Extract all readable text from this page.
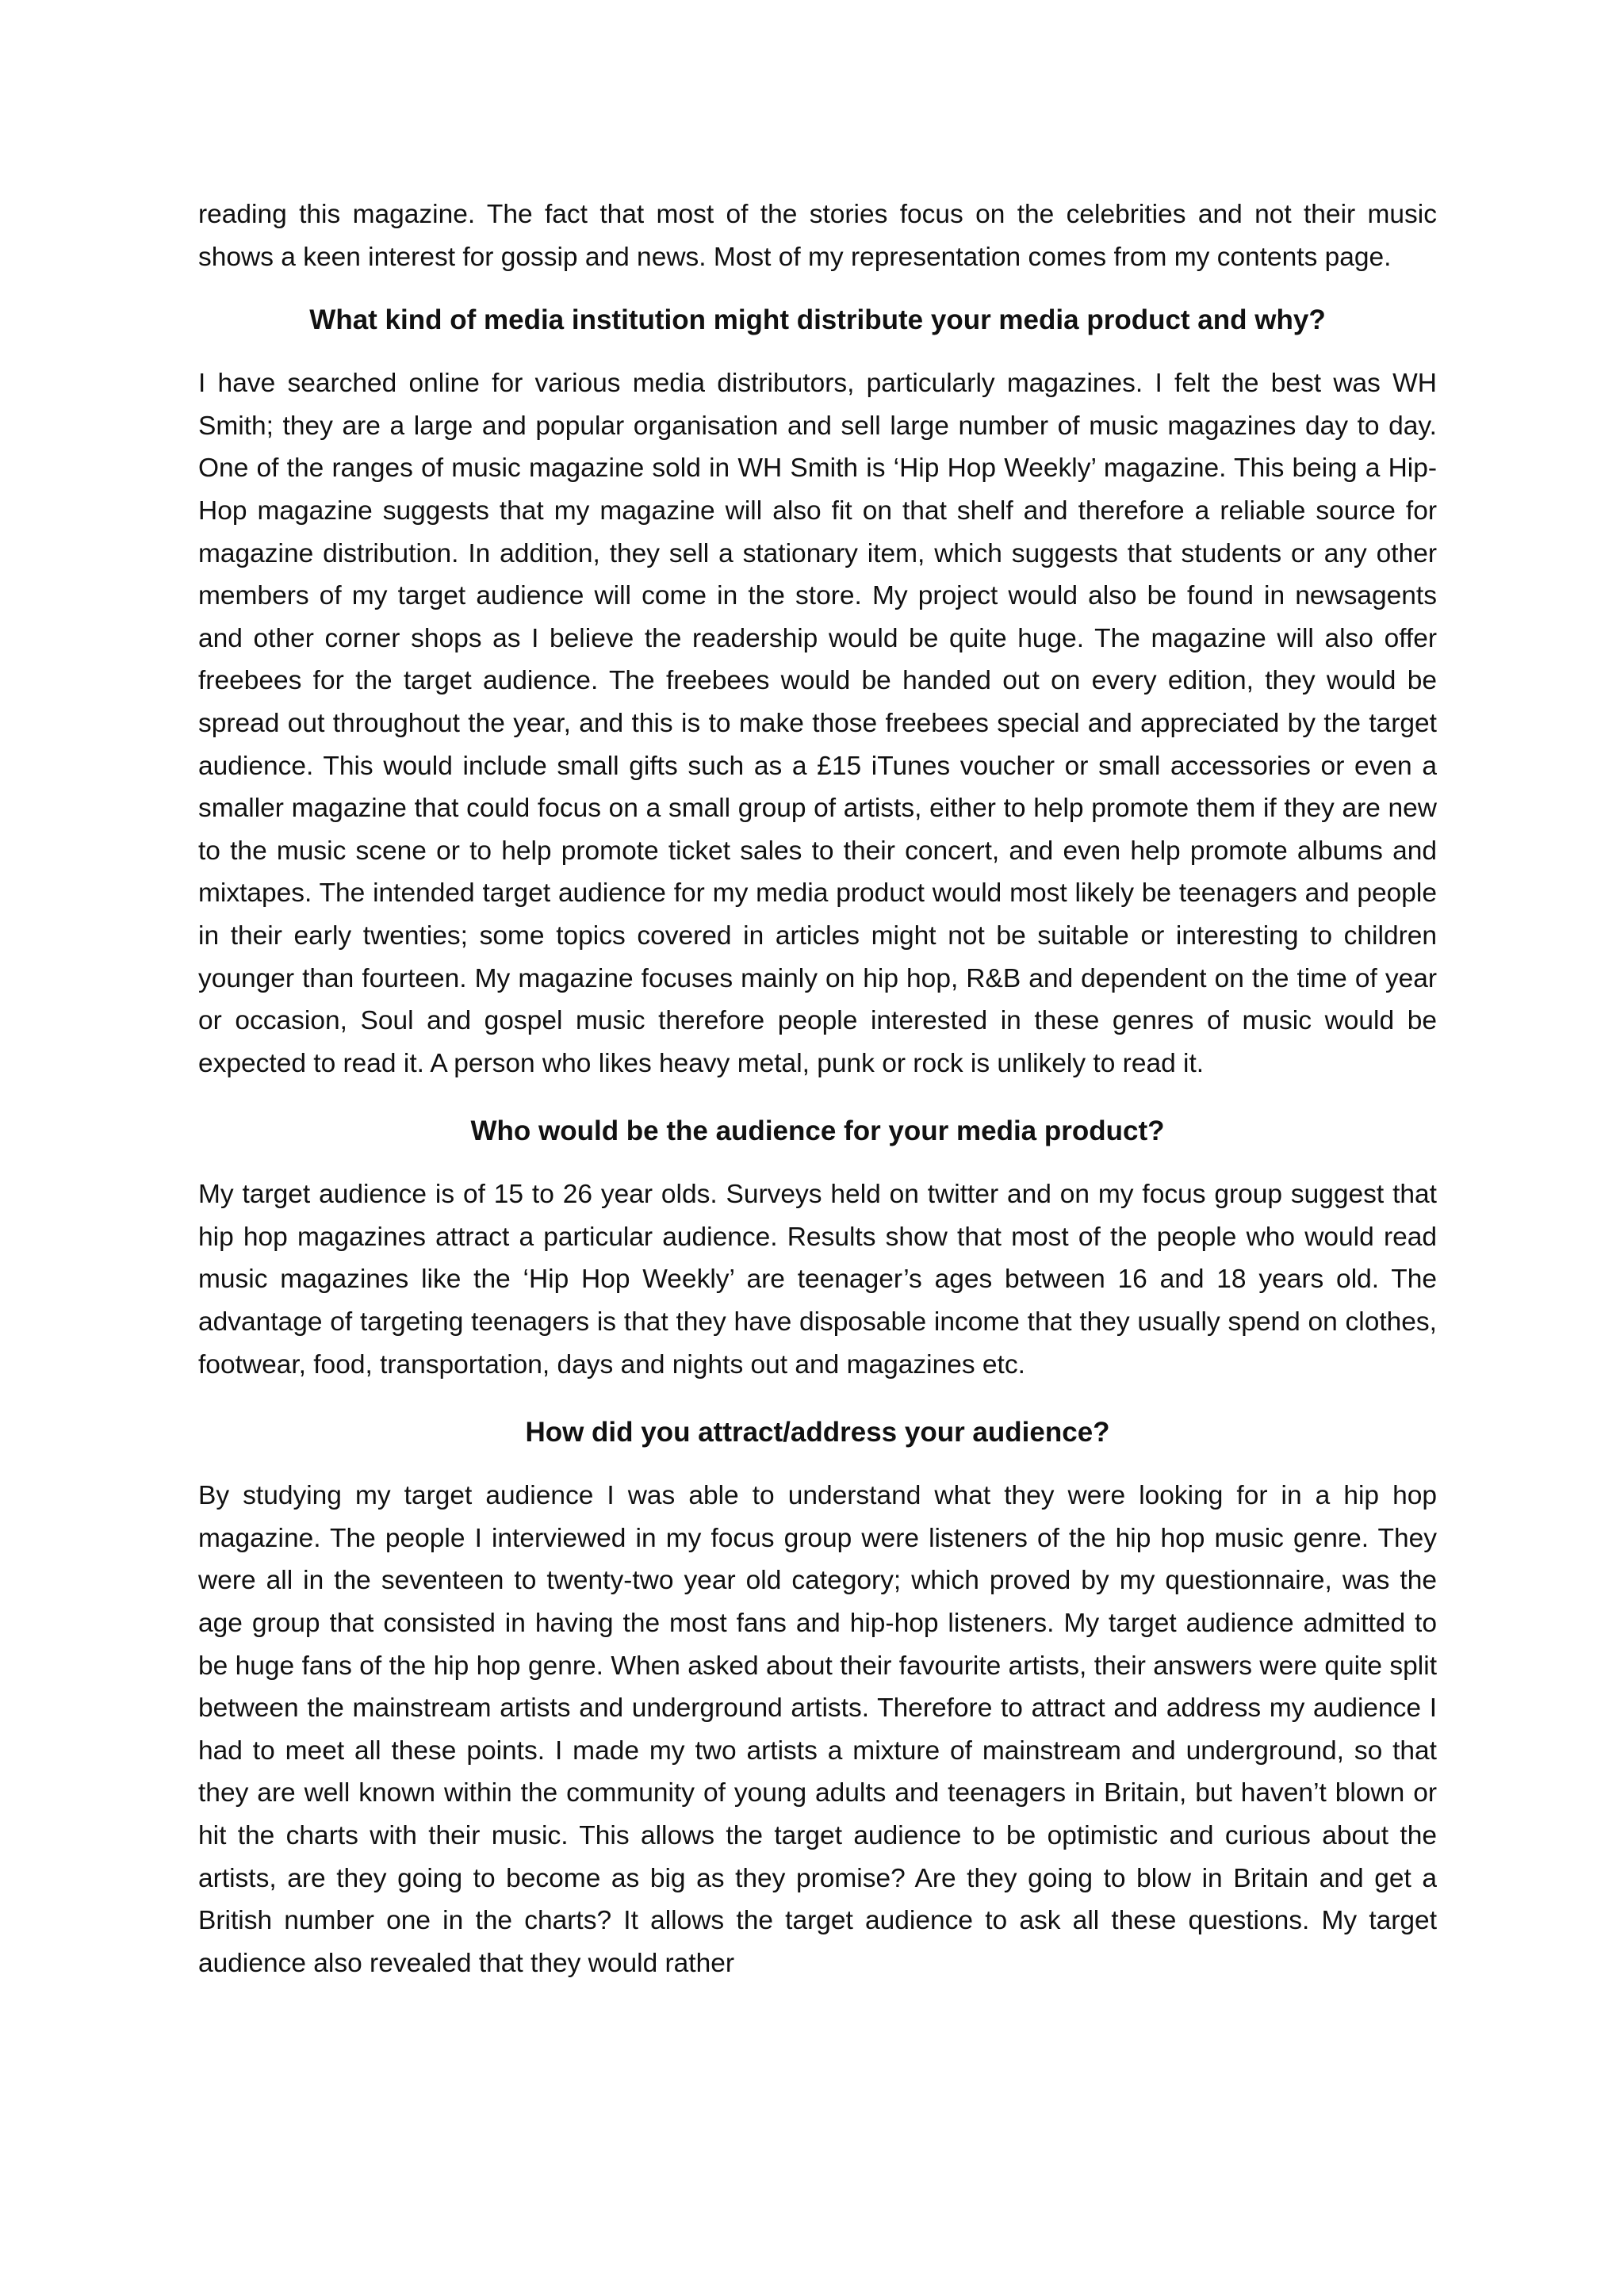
reading this magazine. The fact that most of the stories focus on the celebrities and not their music shows a keen interest for gossip and news. Most of my representation comes from my contents page.

What kind of media institution might distribute your media product and why?

I have searched online for various media distributors, particularly magazines. I felt the best was WH Smith; they are a large and popular organisation and sell large number of music magazines day to day. One of the ranges of music magazine sold in WH Smith is ‘Hip Hop Weekly’ magazine. This being a Hip-Hop magazine suggests that my magazine will also fit on that shelf and therefore a reliable source for magazine distribution. In addition, they sell a stationary item, which suggests that students or any other members of my target audience will come in the store. My project would also be found in newsagents and other corner shops as I believe the readership would be quite huge. The magazine will also offer freebees for the target audience. The freebees would be handed out on every edition, they would be spread out throughout the year, and this is to make those freebees special and appreciated by the target audience. This would include small gifts such as a £15 iTunes voucher or small accessories or even a smaller magazine that could focus on a small group of artists, either to help promote them if they are new to the music scene or to help promote ticket sales to their concert, and even help promote albums and mixtapes. The intended target audience for my media product would most likely be teenagers and people in their early twenties; some topics covered in articles might not be suitable or interesting to children younger than fourteen. My magazine focuses mainly on hip hop, R&B and dependent on the time of year or occasion, Soul and gospel music therefore people interested in these genres of music would be expected to read it. A person who likes heavy metal, punk or rock is unlikely to read it.

Who would be the audience for your media product?

My target audience is of 15 to 26 year olds. Surveys held on twitter and on my focus group suggest that hip hop magazines attract a particular audience. Results show that most of the people who would read music magazines like the ‘Hip Hop Weekly’ are teenager’s ages between 16 and 18 years old. The advantage of targeting teenagers is that they have disposable income that they usually spend on clothes, footwear, food, transportation, days and nights out and magazines etc.

How did you attract/address your audience?

By studying my target audience I was able to understand what they were looking for in a hip hop magazine. The people I interviewed in my focus group were listeners of the hip hop music genre. They were all in the seventeen to twenty-two year old category; which proved by my questionnaire, was the age group that consisted in having the most fans and hip-hop listeners. My target audience admitted to be huge fans of the hip hop genre. When asked about their favourite artists, their answers were quite split between the mainstream artists and underground artists. Therefore to attract and address my audience I had to meet all these points. I made my two artists a mixture of mainstream and underground, so that they are well known within the community of young adults and teenagers in Britain, but haven’t blown or hit the charts with their music. This allows the target audience to be optimistic and curious about the artists, are they going to become as big as they promise? Are they going to blow in Britain and get a British number one in the charts? It allows the target audience to ask all these questions. My target audience also revealed that they would rather
